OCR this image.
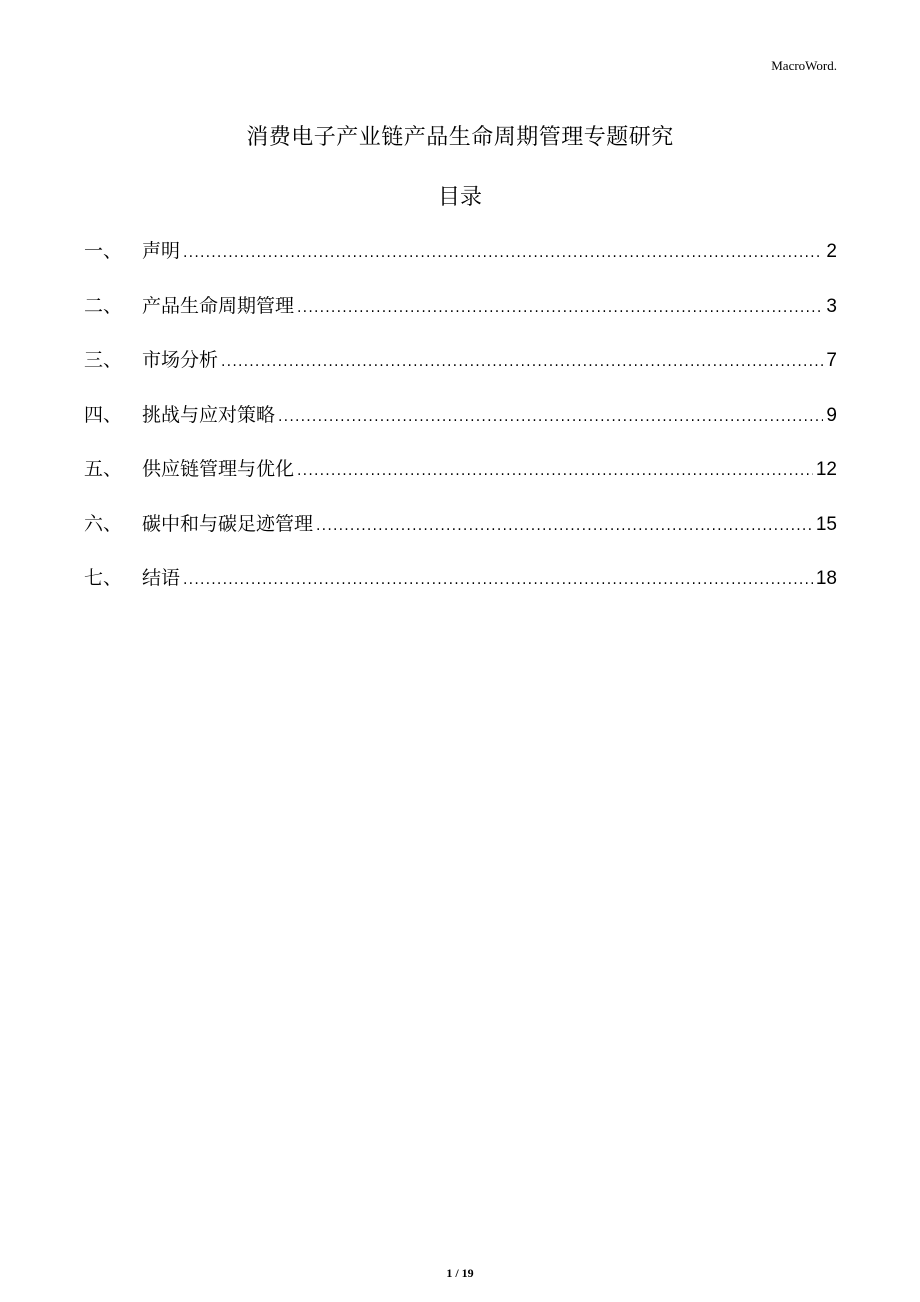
MacroWord.
消费电子产业链产品生命周期管理专题研究
目录
一、	声明 .....	2
二、	产品生命周期管理 .....	3
三、	市场分析 .....	7
四、	挑战与应对策略 .....	9
五、	供应链管理与优化 .....	12
六、	碳中和与碳足迹管理 .....	15
七、	结语 .....	18
1 / 19
